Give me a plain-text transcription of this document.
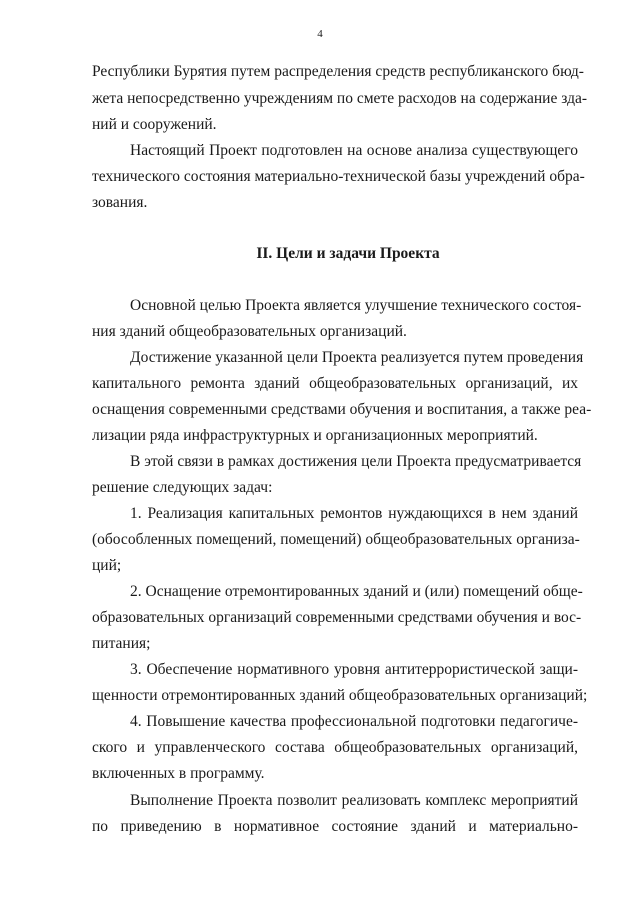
4
Республики Бурятия путем распределения средств республиканского бюд-
жета непосредственно учреждениям по смете расходов на содержание зда-
ний и сооружений.
Настоящий Проект подготовлен на основе анализа существующего
технического состояния материально-технической базы учреждений обра-
зования.
II. Цели и задачи Проекта
Основной целью Проекта является улучшение технического состоя-
ния зданий общеобразовательных организаций.
Достижение указанной цели Проекта реализуется путем проведения
капитального ремонта зданий общеобразовательных организаций, их
оснащения современными средствами обучения и воспитания, а также реа-
лизации ряда инфраструктурных и организационных мероприятий.
В этой связи в рамках достижения цели Проекта предусматривается
решение следующих задач:
1. Реализация капитальных ремонтов нуждающихся в нем зданий
(обособленных помещений, помещений) общеобразовательных организа-
ций;
2. Оснащение отремонтированных зданий и (или) помещений обще-
образовательных организаций современными средствами обучения и вос-
питания;
3. Обеспечение нормативного уровня антитеррористической защи-
щенности отремонтированных зданий общеобразовательных организаций;
4. Повышение качества профессиональной подготовки педагогиче-
ского и управленческого состава общеобразовательных организаций,
включенных в программу.
Выполнение Проекта позволит реализовать комплекс мероприятий
по приведению в нормативное состояние зданий и материально-
